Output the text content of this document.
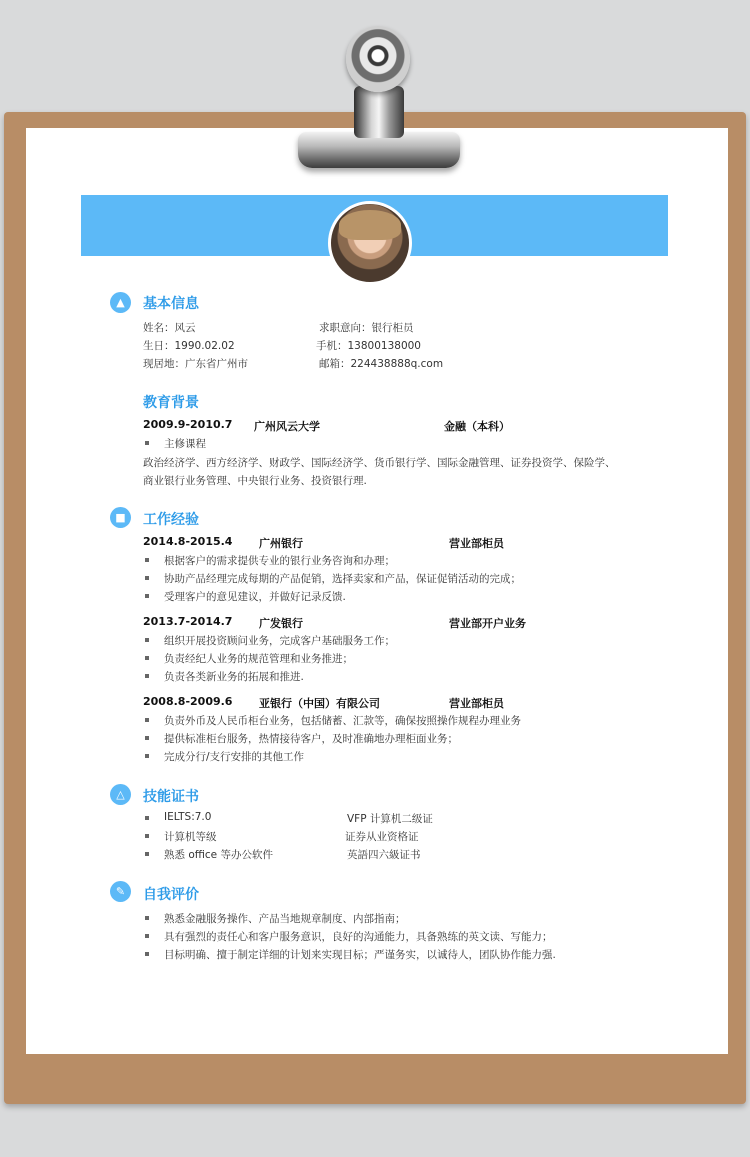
▲	基本信息
姓名：风云	求职意向：银行柜员
生日：1990.02.02	手机：13800138000
现居地：广东省广州市	邮箱：224438888q.com
教育背景
2009.9-2010.7 广州风云大学	金融（本科）
主修课程
政治经济学、西方经济学、财政学、国际经济学、货币银行学、国际金融管理、证券投资学、保险学、
商业银行业务管理、中央银行业务、投资银行理.
■	工作经验
2014.8-2015.4 广州银行	营业部柜员
根据客户的需求提供专业的银行业务咨询和办理；
协助产品经理完成每期的产品促销，选择卖家和产品，保证促销活动的完成；
受理客户的意见建议，并做好记录反馈.
2013.7-2014.7 广发银行	营业部开户业务
组织开展投资顾问业务，完成客户基础服务工作；
负责经纪人业务的规范管理和业务推进；
负责各类新业务的拓展和推进.
2008.8-2009.6 亚银行（中国）有限公司	营业部柜员
负责外币及人民币柜台业务，包括储蓄、汇款等，确保按照操作规程办理业务
提供标准柜台服务，热情接待客户，及时准确地办理柜面业务；
完成分行/支行安排的其他工作
△	技能证书
IELTS:7.0	VFP 计算机二级证
计算机等级	证券从业资格证
熟悉 office 等办公软件	英語四六級证书
✎	自我评价
熟悉金融服务操作、产品当地规章制度、内部指南；
具有强烈的责任心和客户服务意识，良好的沟通能力，具备熟练的英文读、写能力；
目标明确、擅于制定详细的计划来实现目标；严谨务实，以诚待人，团队协作能力强.
